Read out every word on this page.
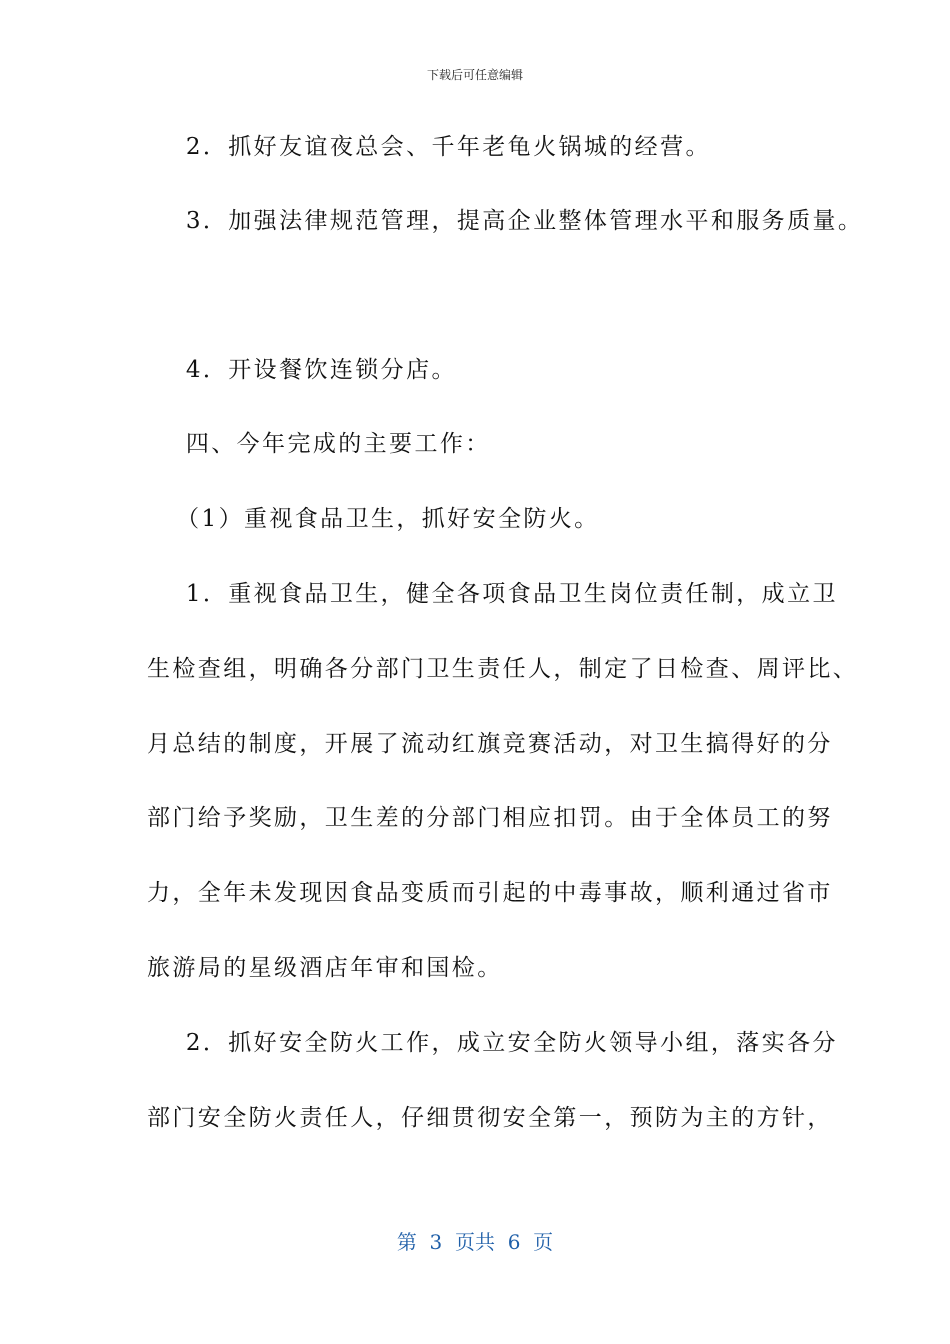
下载后可任意编辑
2．抓好友谊夜总会、千年老龟火锅城的经营。
3．加强法律规范管理，提高企业整体管理水平和服务质量。
4．开设餐饮连锁分店。
四、今年完成的主要工作：
（1）重视食品卫生，抓好安全防火。
1．重视食品卫生，健全各项食品卫生岗位责任制，成立卫
生检查组，明确各分部门卫生责任人，制定了日检查、周评比、
月总结的制度，开展了流动红旗竞赛活动，对卫生搞得好的分
部门给予奖励，卫生差的分部门相应扣罚。由于全体员工的努
力，全年未发现因食品变质而引起的中毒事故，顺利通过省市
旅游局的星级酒店年审和国检。
2．抓好安全防火工作，成立安全防火领导小组，落实各分
部门安全防火责任人，仔细贯彻安全第一，预防为主的方针，
第  3  页共  6  页
